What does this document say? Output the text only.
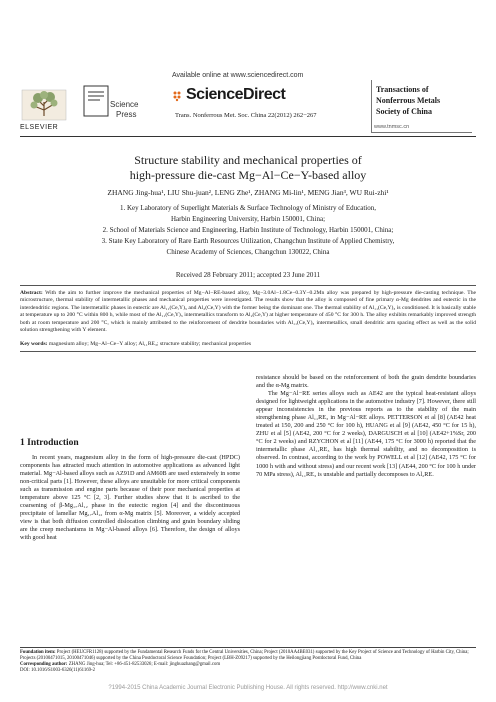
ELSEVIER
Science
Press
Available online at www.sciencedirect.com
ScienceDirect
Trans. Nonferrous Met. Soc. China 22(2012) 262−267
Transactions of
Nonferrous Metals
Society of China
www.tnmsc.cn
Structure stability and mechanical properties of
high-pressure die-cast Mg−Al−Ce−Y-based alloy
ZHANG Jing-hua¹, LIU Shu-juan², LENG Zhe¹, ZHANG Mi-lin¹, MENG Jian³, WU Rui-zhi¹
1. Key Laboratory of Superlight Materials & Surface Technology of Ministry of Education,
Harbin Engineering University, Harbin 150001, China;
2. School of Materials Science and Engineering, Harbin Institute of Technology, Harbin 150001, China;
3. State Key Laboratory of Rare Earth Resources Utilization, Changchun Institute of Applied Chemistry,
Chinese Academy of Sciences, Changchun 130022, China
Received 28 February 2011; accepted 23 June 2011
Abstract: With the aim to further improve the mechanical properties of Mg−Al−RE-based alloy, Mg−3.0Al−1.8Ce−0.3Y−0.2Mn alloy was prepared by high-pressure die-casting technique. The microstructure, thermal stability of intermetallic phases and mechanical properties were investigated. The results show that the alloy is composed of fine primary α-Mg dendrites and eutectic in the interdendritic regions. The intermetallic phases in eutectic are Al₁₁(Ce,Y)₃ and Al₂(Ce,Y) with the former being the dominant one. The thermal stability of Al₁₁(Ce,Y)₃ is conditioned. It is basically stable at temperature up to 200 °C within 800 h, while most of the Al₁₁(Ce,Y)₃ intermetallics transform to Al₂(Ce,Y) at higher temperature of 450 °C for 300 h. The alloy exhibits remarkably improved strength both at room temperature and 200 °C, which is mainly attributed to the reinforcement of dendrite boundaries with Al₁₁(Ce,Y)₃ intermetallics, small dendritic arm spacing effect as well as the solid solution strengthening with Y element.
Key words: magnesium alloy; Mg−Al−Ce−Y alloy; Al₁₁RE₃; structure stability; mechanical properties
1 Introduction

In recent years, magnesium alloy in the form of high-pressure die-cast (HPDC) components has attracted much attention in automotive applications as advanced light material. Mg−Al-based alloys such as AZ91D and AM60B are used extensively in some non-critical parts [1]. However, these alloys are unsuitable for more critical components such as transmission and engine parts because of their poor mechanical properties at temperature above 125 °C [2, 3]. Further studies show that it is ascribed to the coarsening of β-Mg₁₇Al₁₂ phase in the eutectic region [4] and the discontinuous precipitate of lamellar Mg₁₇Al₁₂ from α-Mg matrix [5]. Moreover, a widely accepted view is that both diffusion controlled dislocation climbing and grain boundary sliding are the creep mechanisms in Mg−Al-based alloys [6]. Therefore, the design of alloys with good heat

resistance should be based on the reinforcement of both the grain dendrite boundaries and the α-Mg matrix.

The Mg−Al−RE series alloys such as AE42 are the typical heat-resistant alloys designed for lightweight applications in the automotive industry [7]. However, there still appear inconsistencies in the previous reports as to the stability of the main strengthening phase Al₁₁RE₃ in Mg−Al−RE alloys. PETTERSON et al [8] (AE42 heat treated at 150, 200 and 250 °C for 100 h), HUANG et al [9] (AE42, 450 °C for 15 h), ZHU et al [5] (AE42, 200 °C for 2 weeks), DARGUSCH et al [10] (AE42+1%Sr, 200 °C for 2 weeks) and RZYCHON et al [11] (AE44, 175 °C for 3000 h) reported that the intermetallic phase Al₁₁RE₃ has high thermal stability, and no decomposition is observed. In contrast, according to the work by POWELL et al [12] (AE42, 175 °C for 1000 h with and without stress) and our recent work [13] (AE44, 200 °C for 100 h under 70 MPa stress), Al₁₁RE₃ is unstable and partially decomposes to Al₂RE.

Foundation item: Project (HEUCFR1128) supported by the Fundamental Research Funds for the Central Universities, China; Project (2010AA4BE031) supported by the Key Project of Science and Technology of Harbin City, China; Projects (20100471015, 20100471046) supported by the China Postdoctoral Science Foundation; Project (LBH-Z09217) supported by the Heilongjiang Postdoctoral Fund, China
Corresponding author: ZHANG Jing-hua; Tel: +86-451-82533026; E-mail: jinghuazhang@gmail.com
DOI: 10.1016/S1003-6326(11)61169-2
?1994-2015 China Academic Journal Electronic Publishing House. All rights reserved. http://www.cnki.net
